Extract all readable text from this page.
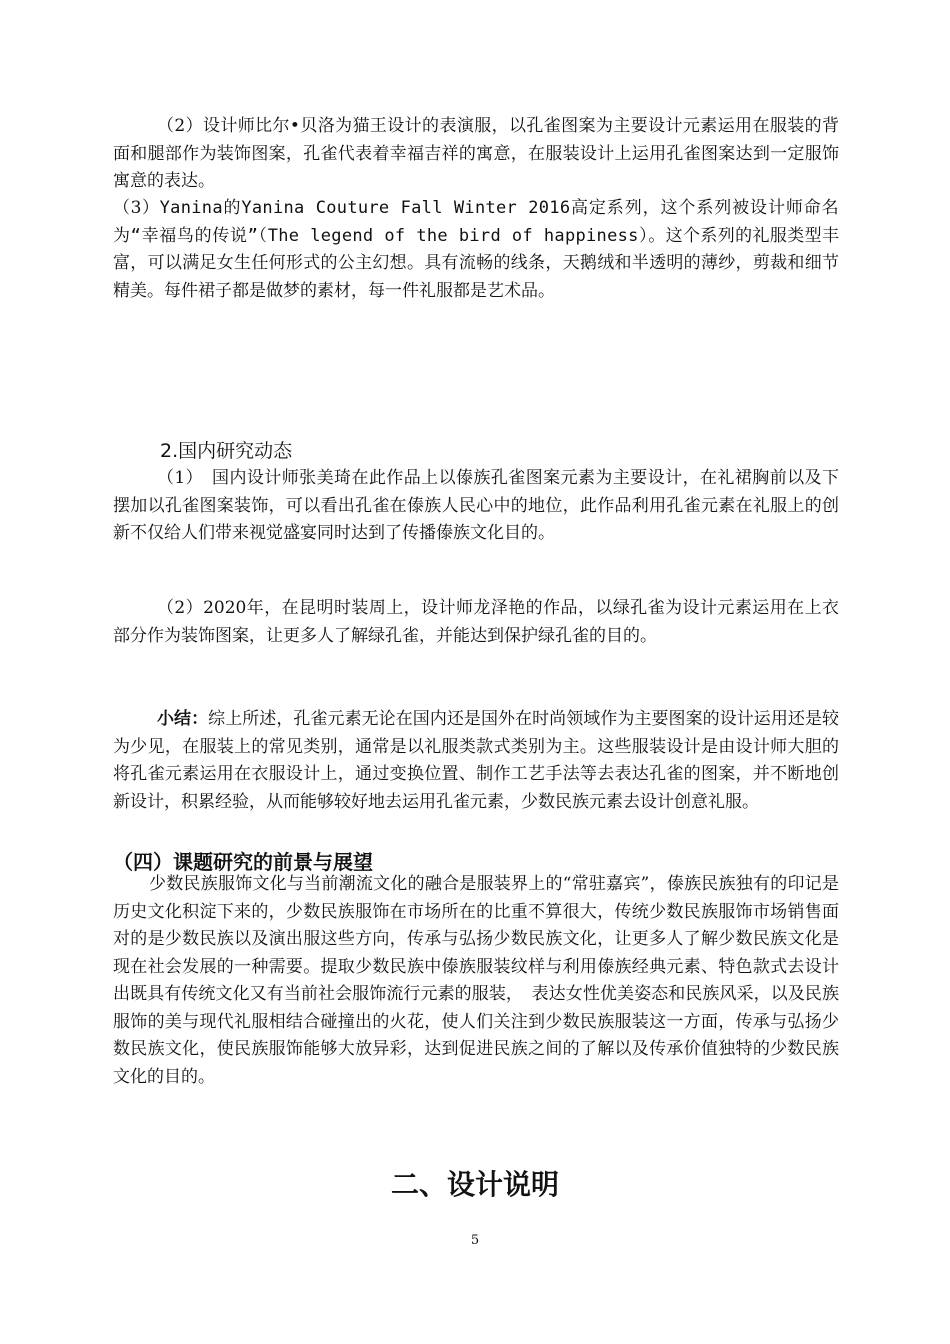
（2）设计师比尔•贝洛为猫王设计的表演服，以孔雀图案为主要设计元素运用在服装的背面和腿部作为装饰图案，孔雀代表着幸福吉祥的寓意，在服装设计上运用孔雀图案达到一定服饰寓意的表达。

（3）Yanina的Yanina Couture Fall Winter 2016高定系列，这个系列被设计师命名为“幸福鸟的传说”（The legend of the bird of happiness）。这个系列的礼服类型丰富，可以满足女生任何形式的公主幻想。具有流畅的线条，天鹅绒和半透明的薄纱，剪裁和细节精美。每件裙子都是做梦的素材，每一件礼服都是艺术品。

2.国内研究动态

（1）　国内设计师张美琦在此作品上以傣族孔雀图案元素为主要设计，在礼裙胸前以及下摆加以孔雀图案装饰，可以看出孔雀在傣族人民心中的地位，此作品利用孔雀元素在礼服上的创新不仅给人们带来视觉盛宴同时达到了传播傣族文化目的。

（2）2020年，在昆明时装周上，设计师龙泽艳的作品，以绿孔雀为设计元素运用在上衣部分作为装饰图案，让更多人了解绿孔雀，并能达到保护绿孔雀的目的。

小结：综上所述，孔雀元素无论在国内还是国外在时尚领域作为主要图案的设计运用还是较为少见，在服装上的常见类别，通常是以礼服类款式类别为主。这些服装设计是由设计师大胆的将孔雀元素运用在衣服设计上，通过变换位置、制作工艺手法等去表达孔雀的图案，并不断地创新设计，积累经验，从而能够较好地去运用孔雀元素，少数民族元素去设计创意礼服。

（四）课题研究的前景与展望

少数民族服饰文化与当前潮流文化的融合是服装界上的“常驻嘉宾”，傣族民族独有的印记是历史文化积淀下来的，少数民族服饰在市场所在的比重不算很大，传统少数民族服饰市场销售面对的是少数民族以及演出服这些方向，传承与弘扬少数民族文化，让更多人了解少数民族文化是现在社会发展的一种需要。提取少数民族中傣族服装纹样与利用傣族经典元素、特色款式去设计出既具有传统文化又有当前社会服饰流行元素的服装，　表达女性优美姿态和民族风采，以及民族服饰的美与现代礼服相结合碰撞出的火花，使人们关注到少数民族服装这一方面，传承与弘扬少数民族文化，使民族服饰能够大放异彩，达到促进民族之间的了解以及传承价值独特的少数民族文化的目的。

二、设计说明
5
